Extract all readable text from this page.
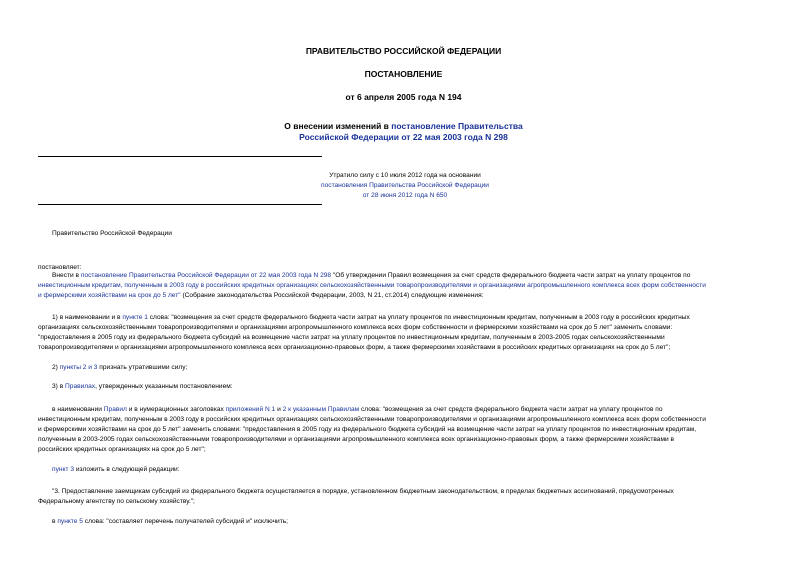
ПРАВИТЕЛЬСТВО РОССИЙСКОЙ ФЕДЕРАЦИИ
ПОСТАНОВЛЕНИЕ
от 6 апреля 2005 года N 194
О внесении изменений в постановление Правительства
Российской Федерации от 22 мая 2003 года N 298
Утратило силу с 10 июля 2012 года на основании
постановления Правительства Российской Федерации
от 28 июня 2012 года N 650
Правительство Российской Федерации
постановляет:
Внести в постановление Правительства Российской Федерации от 22 мая 2003 года N 298 "Об утверждении Правил возмещения за счет средств федерального бюджета части затрат на уплату процентов по
инвестиционным кредитам, полученным в 2003 году в российских кредитных организациях сельскохозяйственными товаропроизводителями и организациями агропромышленного комплекса всех форм собственности
и фермерскими хозяйствами на срок до 5 лет" (Собрание законодательства Российской Федерации, 2003, N 21, ст.2014) следующие изменения:
1) в наименовании и в пункте 1 слова: "возмещения за счет средств федерального бюджета части затрат на уплату процентов по инвестиционным кредитам, полученным в 2003 году в российских кредитных
организациях сельскохозяйственными товаропроизводителями и организациями агропромышленного комплекса всех форм собственности и фермерскими хозяйствами на срок до 5 лет" заменить словами:
"предоставления в 2005 году из федерального бюджета субсидий на возмещение части затрат на уплату процентов по инвестиционным кредитам, полученным в 2003-2005 годах сельскохозяйственными
товаропроизводителями и организациями агропромышленного комплекса всех организационно-правовых форм, а также фермерскими хозяйствами в российских кредитных организациях на срок до 5 лет";
2) пункты 2 и 3 признать утратившими силу;
3) в Правилах, утвержденных указанным постановлением:
в наименовании Правил и в нумерационных заголовках приложений N 1 и 2 к указанным Правилам слова: "возмещения за счет средств федерального бюджета части затрат на уплату процентов по
инвестиционным кредитам, полученным в 2003 году в российских кредитных организациях сельскохозяйственными товаропроизводителями и организациями агропромышленного комплекса всех форм собственности
и фермерскими хозяйствами на срок до 5 лет" заменить словами: "предоставления в 2005 году из федерального бюджета субсидий на возмещение части затрат на уплату процентов по инвестиционным кредитам,
полученным в 2003-2005 годах сельскохозяйственными товаропроизводителями и организациями агропромышленного комплекса всех организационно-правовых форм, а также фермерскими хозяйствами в
российских кредитных организациях на срок до 5 лет";
пункт 3 изложить в следующей редакции:
"3. Предоставление заемщикам субсидий из федерального бюджета осуществляется в порядке, установленном бюджетным законодательством, в пределах бюджетных ассигнований, предусмотренных
Федеральному агентству по сельскому хозяйству.";
в пункте 5 слова: "составляет перечень получателей субсидий и" исключить;
